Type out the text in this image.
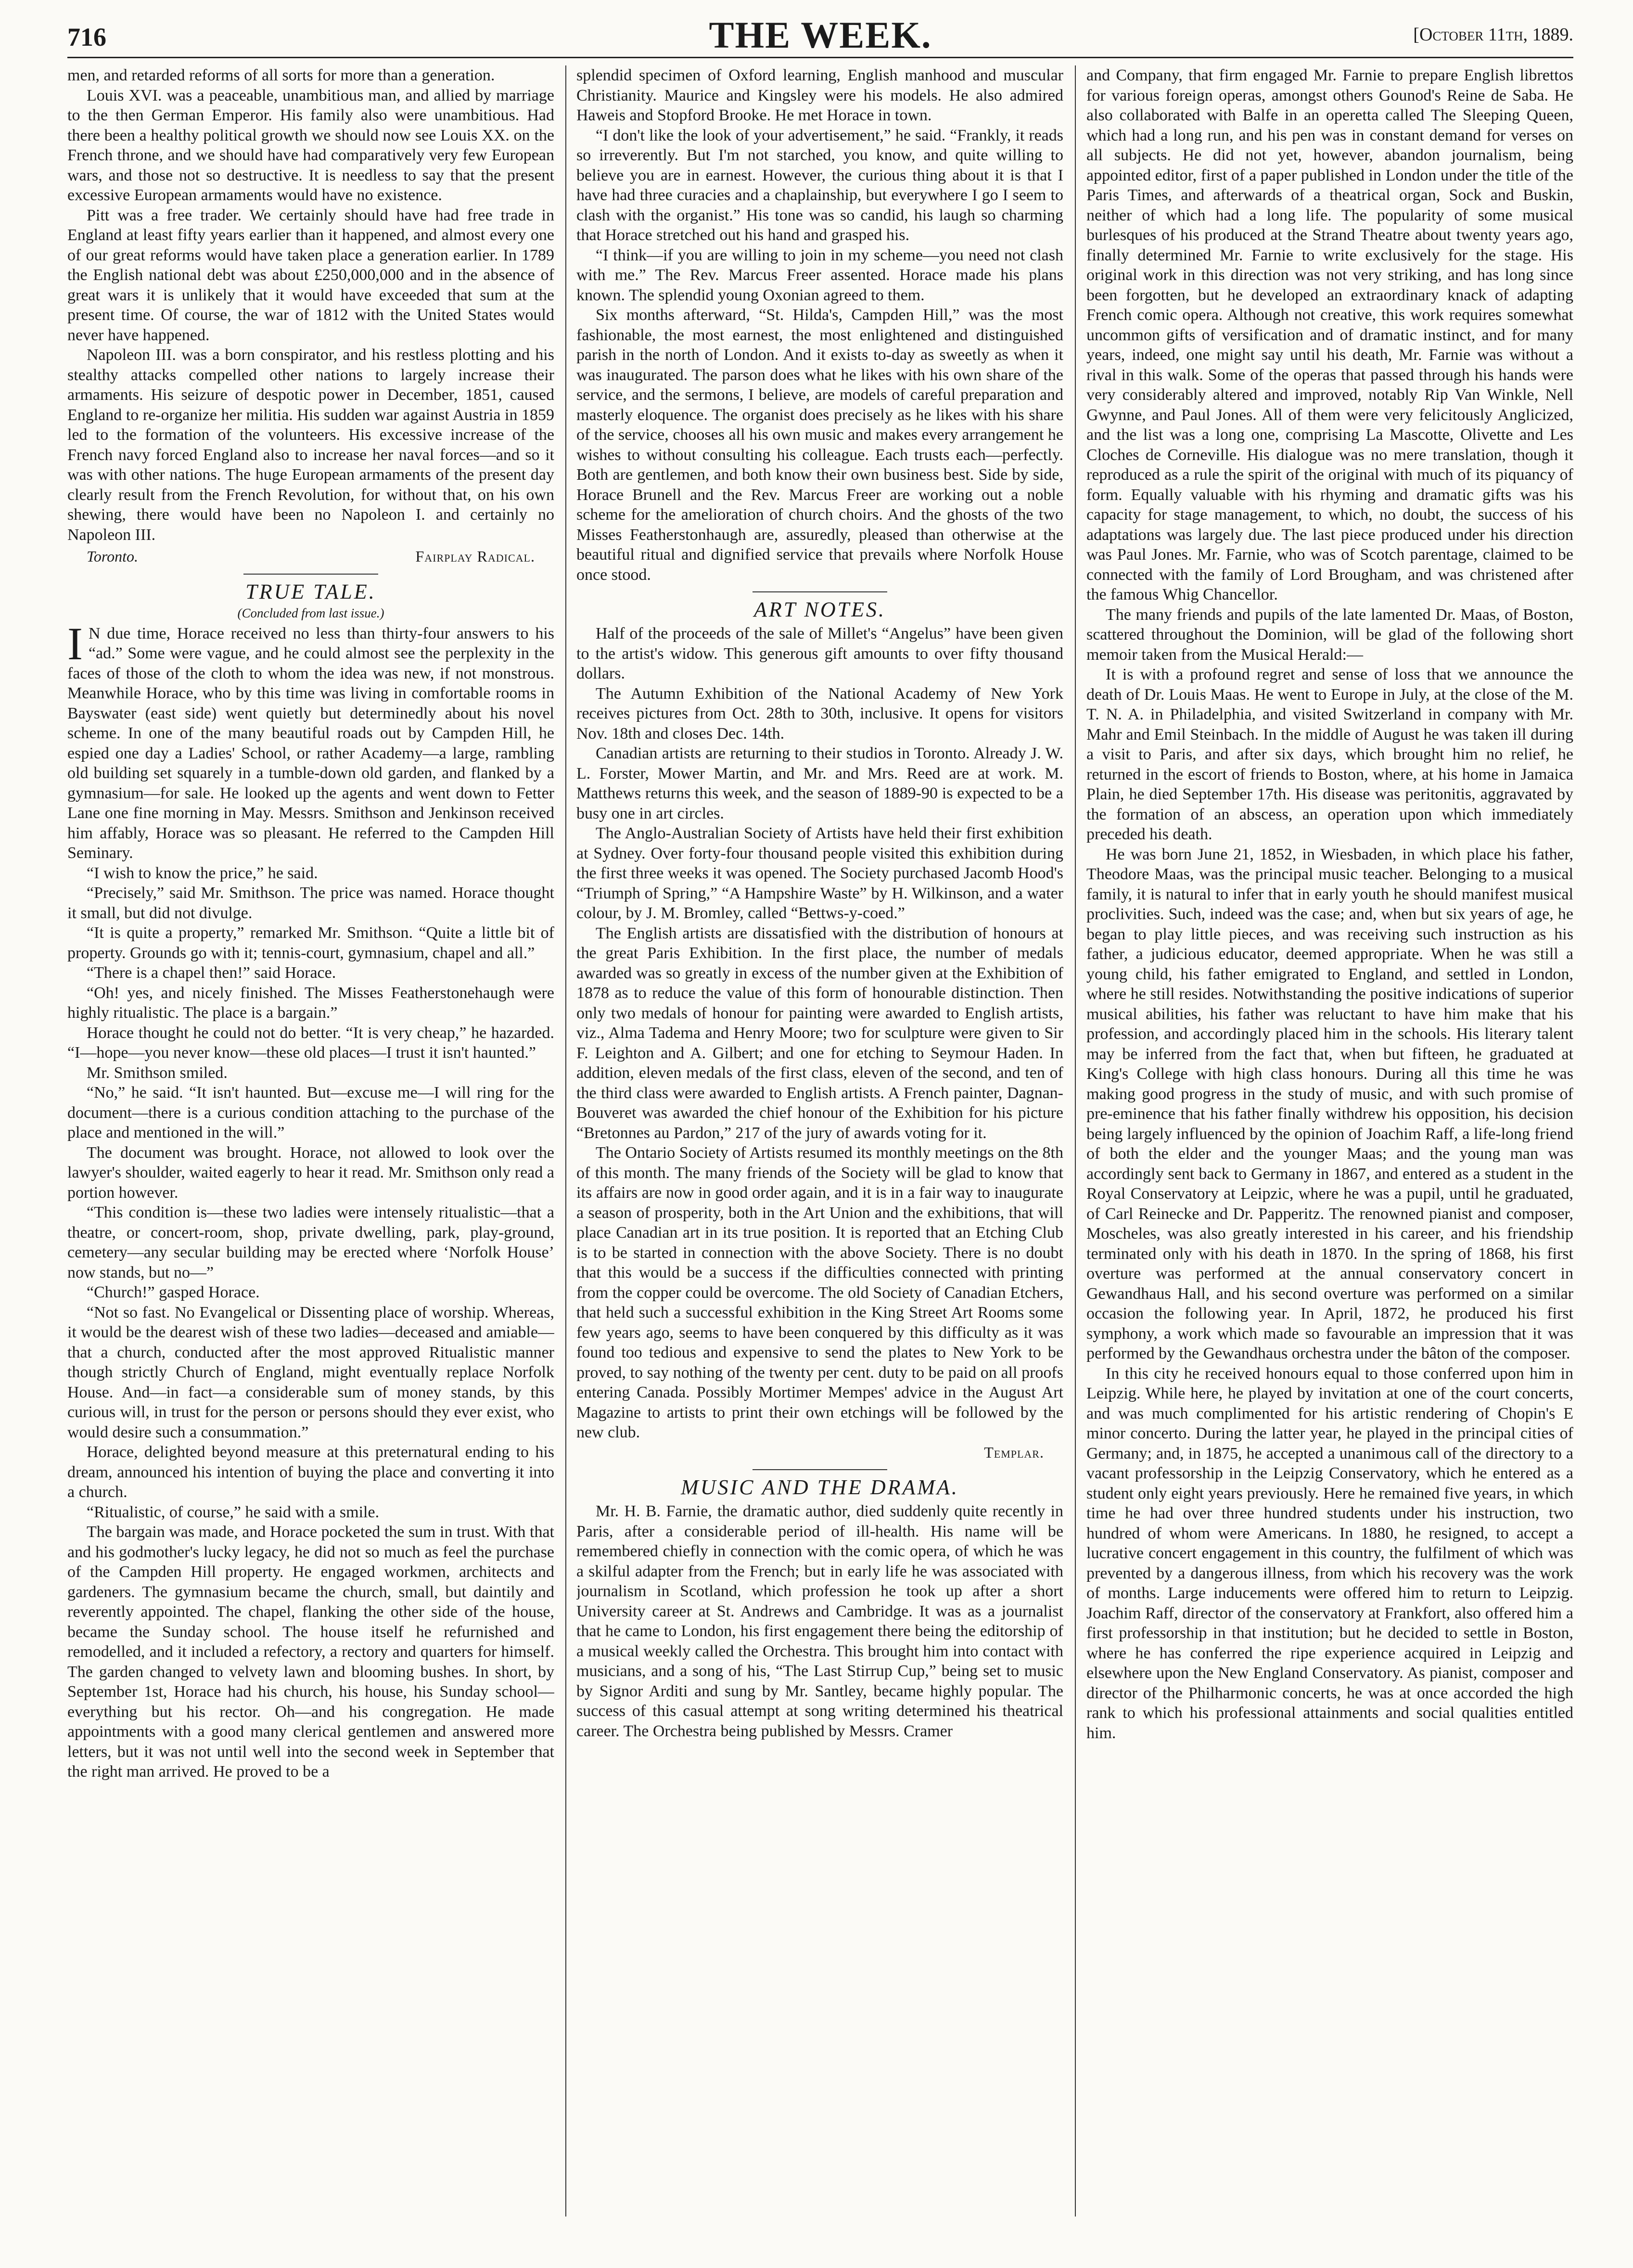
716	THE WEEK.	[October 11th, 1889.

men, and retarded reforms of all sorts for more than a generation.

Louis XVI. was a peaceable, unambitious man, and allied by marriage to the then German Emperor. His family also were unambitious. Had there been a healthy political growth we should now see Louis XX. on the French throne, and we should have had comparatively very few European wars, and those not so destructive. It is needless to say that the present excessive European armaments would have no existence.

Pitt was a free trader. We certainly should have had free trade in England at least fifty years earlier than it happened, and almost every one of our great reforms would have taken place a generation earlier. In 1789 the English national debt was about £250,000,000 and in the absence of great wars it is unlikely that it would have exceeded that sum at the present time. Of course, the war of 1812 with the United States would never have happened.

Napoleon III. was a born conspirator, and his restless plotting and his stealthy attacks compelled other nations to largely increase their armaments. His seizure of despotic power in December, 1851, caused England to re-organize her militia. His sudden war against Austria in 1859 led to the formation of the volunteers. His excessive increase of the French navy forced England also to increase her naval forces—and so it was with other nations. The huge European armaments of the present day clearly result from the French Revolution, for without that, on his own shewing, there would have been no Napoleon I. and certainly no Napoleon III.

Toronto.	Fairplay Radical.
TRUE TALE.
(Concluded from last issue.)

I N due time, Horace received no less than thirty-four answers to his “ad.” Some were vague, and he could almost see the perplexity in the faces of those of the cloth to whom the idea was new, if not monstrous. Meanwhile Horace, who by this time was living in comfortable rooms in Bayswater (east side) went quietly but determinedly about his novel scheme. In one of the many beautiful roads out by Campden Hill, he espied one day a Ladies' School, or rather Academy—a large, rambling old building set squarely in a tumble-down old garden, and flanked by a gymnasium—for sale. He looked up the agents and went down to Fetter Lane one fine morning in May. Messrs. Smithson and Jenkinson received him affably, Horace was so pleasant. He referred to the Campden Hill Seminary.

“I wish to know the price,” he said.

“Precisely,” said Mr. Smithson. The price was named. Horace thought it small, but did not divulge.

“It is quite a property,” remarked Mr. Smithson. “Quite a little bit of property. Grounds go with it; tennis-court, gymnasium, chapel and all.”

“There is a chapel then!” said Horace.

“Oh! yes, and nicely finished. The Misses Featherstonehaugh were highly ritualistic. The place is a bargain.”

Horace thought he could not do better. “It is very cheap,” he hazarded. “I—hope—you never know—these old places—I trust it isn't haunted.”

Mr. Smithson smiled.

“No,” he said. “It isn't haunted. But—excuse me—I will ring for the document—there is a curious condition attaching to the purchase of the place and mentioned in the will.”

The document was brought. Horace, not allowed to look over the lawyer's shoulder, waited eagerly to hear it read. Mr. Smithson only read a portion however.

“This condition is—these two ladies were intensely ritualistic—that a theatre, or concert-room, shop, private dwelling, park, play-ground, cemetery—any secular building may be erected where ‘Norfolk House’ now stands, but no—”

“Church!” gasped Horace.

“Not so fast. No Evangelical or Dissenting place of worship. Whereas, it would be the dearest wish of these two ladies—deceased and amiable—that a church, conducted after the most approved Ritualistic manner though strictly Church of England, might eventually replace Norfolk House. And—in fact—a considerable sum of money stands, by this curious will, in trust for the person or persons should they ever exist, who would desire such a consummation.”

Horace, delighted beyond measure at this preternatural ending to his dream, announced his intention of buying the place and converting it into a church.

“Ritualistic, of course,” he said with a smile.

The bargain was made, and Horace pocketed the sum in trust. With that and his godmother's lucky legacy, he did not so much as feel the purchase of the Campden Hill property. He engaged workmen, architects and gardeners. The gymnasium became the church, small, but daintily and reverently appointed. The chapel, flanking the other side of the house, became the Sunday school. The house itself he refurnished and remodelled, and it included a refectory, a rectory and quarters for himself. The garden changed to velvety lawn and blooming bushes. In short, by September 1st, Horace had his church, his house, his Sunday school—everything but his rector. Oh—and his congregation. He made appointments with a good many clerical gentlemen and answered more letters, but it was not until well into the second week in September that the right man arrived. He proved to be a

splendid specimen of Oxford learning, English manhood and muscular Christianity. Maurice and Kingsley were his models. He also admired Haweis and Stopford Brooke. He met Horace in town.

“I don't like the look of your advertisement,” he said. “Frankly, it reads so irreverently. But I'm not starched, you know, and quite willing to believe you are in earnest. However, the curious thing about it is that I have had three curacies and a chaplainship, but everywhere I go I seem to clash with the organist.” His tone was so candid, his laugh so charming that Horace stretched out his hand and grasped his.

“I think—if you are willing to join in my scheme—you need not clash with me.” The Rev. Marcus Freer assented. Horace made his plans known. The splendid young Oxonian agreed to them.

Six months afterward, “St. Hilda's, Campden Hill,” was the most fashionable, the most earnest, the most enlightened and distinguished parish in the north of London. And it exists to-day as sweetly as when it was inaugurated. The parson does what he likes with his own share of the service, and the sermons, I believe, are models of careful preparation and masterly eloquence. The organist does precisely as he likes with his share of the service, chooses all his own music and makes every arrangement he wishes to without consulting his colleague. Each trusts each—perfectly. Both are gentlemen, and both know their own business best. Side by side, Horace Brunell and the Rev. Marcus Freer are working out a noble scheme for the amelioration of church choirs. And the ghosts of the two Misses Featherstonhaugh are, assuredly, pleased than otherwise at the beautiful ritual and dignified service that prevails where Norfolk House once stood.

ART NOTES.

Half of the proceeds of the sale of Millet's “Angelus” have been given to the artist's widow. This generous gift amounts to over fifty thousand dollars.

The Autumn Exhibition of the National Academy of New York receives pictures from Oct. 28th to 30th, inclusive. It opens for visitors Nov. 18th and closes Dec. 14th.

Canadian artists are returning to their studios in Toronto. Already J. W. L. Forster, Mower Martin, and Mr. and Mrs. Reed are at work. M. Matthews returns this week, and the season of 1889-90 is expected to be a busy one in art circles.

The Anglo-Australian Society of Artists have held their first exhibition at Sydney. Over forty-four thousand people visited this exhibition during the first three weeks it was opened. The Society purchased Jacomb Hood's “Triumph of Spring,” “A Hampshire Waste” by H. Wilkinson, and a water colour, by J. M. Bromley, called “Bettws-y-coed.”

The English artists are dissatisfied with the distribution of honours at the great Paris Exhibition. In the first place, the number of medals awarded was so greatly in excess of the number given at the Exhibition of 1878 as to reduce the value of this form of honourable distinction. Then only two medals of honour for painting were awarded to English artists, viz., Alma Tadema and Henry Moore; two for sculpture were given to Sir F. Leighton and A. Gilbert; and one for etching to Seymour Haden. In addition, eleven medals of the first class, eleven of the second, and ten of the third class were awarded to English artists. A French painter, Dagnan-Bouveret was awarded the chief honour of the Exhibition for his picture “Bretonnes au Pardon,” 217 of the jury of awards voting for it.

The Ontario Society of Artists resumed its monthly meetings on the 8th of this month. The many friends of the Society will be glad to know that its affairs are now in good order again, and it is in a fair way to inaugurate a season of prosperity, both in the Art Union and the exhibitions, that will place Canadian art in its true position. It is reported that an Etching Club is to be started in connection with the above Society. There is no doubt that this would be a success if the difficulties connected with printing from the copper could be overcome. The old Society of Canadian Etchers, that held such a successful exhibition in the King Street Art Rooms some few years ago, seems to have been conquered by this difficulty as it was found too tedious and expensive to send the plates to New York to be proved, to say nothing of the twenty per cent. duty to be paid on all proofs entering Canada. Possibly Mortimer Mempes' advice in the August Art Magazine to artists to print their own etchings will be followed by the new club.

Templar.
MUSIC AND THE DRAMA.

Mr. H. B. Farnie, the dramatic author, died suddenly quite recently in Paris, after a considerable period of ill-health. His name will be remembered chiefly in connection with the comic opera, of which he was a skilful adapter from the French; but in early life he was associated with journalism in Scotland, which profession he took up after a short University career at St. Andrews and Cambridge. It was as a journalist that he came to London, his first engagement there being the editorship of a musical weekly called the Orchestra. This brought him into contact with musicians, and a song of his, “The Last Stirrup Cup,” being set to music by Signor Arditi and sung by Mr. Santley, became highly popular. The success of this casual attempt at song writing determined his theatrical career. The Orchestra being published by Messrs. Cramer

and Company, that firm engaged Mr. Farnie to prepare English librettos for various foreign operas, amongst others Gounod's Reine de Saba. He also collaborated with Balfe in an operetta called The Sleeping Queen, which had a long run, and his pen was in constant demand for verses on all subjects. He did not yet, however, abandon journalism, being appointed editor, first of a paper published in London under the title of the Paris Times, and afterwards of a theatrical organ, Sock and Buskin, neither of which had a long life. The popularity of some musical burlesques of his produced at the Strand Theatre about twenty years ago, finally determined Mr. Farnie to write exclusively for the stage. His original work in this direction was not very striking, and has long since been forgotten, but he developed an extraordinary knack of adapting French comic opera. Although not creative, this work requires somewhat uncommon gifts of versification and of dramatic instinct, and for many years, indeed, one might say until his death, Mr. Farnie was without a rival in this walk. Some of the operas that passed through his hands were very considerably altered and improved, notably Rip Van Winkle, Nell Gwynne, and Paul Jones. All of them were very felicitously Anglicized, and the list was a long one, comprising La Mascotte, Olivette and Les Cloches de Corneville. His dialogue was no mere translation, though it reproduced as a rule the spirit of the original with much of its piquancy of form. Equally valuable with his rhyming and dramatic gifts was his capacity for stage management, to which, no doubt, the success of his adaptations was largely due. The last piece produced under his direction was Paul Jones. Mr. Farnie, who was of Scotch parentage, claimed to be connected with the family of Lord Brougham, and was christened after the famous Whig Chancellor.

The many friends and pupils of the late lamented Dr. Maas, of Boston, scattered throughout the Dominion, will be glad of the following short memoir taken from the Musical Herald:—

It is with a profound regret and sense of loss that we announce the death of Dr. Louis Maas. He went to Europe in July, at the close of the M. T. N. A. in Philadelphia, and visited Switzerland in company with Mr. Mahr and Emil Steinbach. In the middle of August he was taken ill during a visit to Paris, and after six days, which brought him no relief, he returned in the escort of friends to Boston, where, at his home in Jamaica Plain, he died September 17th. His disease was peritonitis, aggravated by the formation of an abscess, an operation upon which immediately preceded his death.

He was born June 21, 1852, in Wiesbaden, in which place his father, Theodore Maas, was the principal music teacher. Belonging to a musical family, it is natural to infer that in early youth he should manifest musical proclivities. Such, indeed was the case; and, when but six years of age, he began to play little pieces, and was receiving such instruction as his father, a judicious educator, deemed appropriate. When he was still a young child, his father emigrated to England, and settled in London, where he still resides. Notwithstanding the positive indications of superior musical abilities, his father was reluctant to have him make that his profession, and accordingly placed him in the schools. His literary talent may be inferred from the fact that, when but fifteen, he graduated at King's College with high class honours. During all this time he was making good progress in the study of music, and with such promise of pre-eminence that his father finally withdrew his opposition, his decision being largely influenced by the opinion of Joachim Raff, a life-long friend of both the elder and the younger Maas; and the young man was accordingly sent back to Germany in 1867, and entered as a student in the Royal Conservatory at Leipzic, where he was a pupil, until he graduated, of Carl Reinecke and Dr. Papperitz. The renowned pianist and composer, Moscheles, was also greatly interested in his career, and his friendship terminated only with his death in 1870. In the spring of 1868, his first overture was performed at the annual conservatory concert in Gewandhaus Hall, and his second overture was performed on a similar occasion the following year. In April, 1872, he produced his first symphony, a work which made so favourable an impression that it was performed by the Gewandhaus orchestra under the bâton of the composer.

In this city he received honours equal to those conferred upon him in Leipzig. While here, he played by invitation at one of the court concerts, and was much complimented for his artistic rendering of Chopin's E minor concerto. During the latter year, he played in the principal cities of Germany; and, in 1875, he accepted a unanimous call of the directory to a vacant professorship in the Leipzig Conservatory, which he entered as a student only eight years previously. Here he remained five years, in which time he had over three hundred students under his instruction, two hundred of whom were Americans. In 1880, he resigned, to accept a lucrative concert engagement in this country, the fulfilment of which was prevented by a dangerous illness, from which his recovery was the work of months. Large inducements were offered him to return to Leipzig. Joachim Raff, director of the conservatory at Frankfort, also offered him a first professorship in that institution; but he decided to settle in Boston, where he has conferred the ripe experience acquired in Leipzig and elsewhere upon the New England Conservatory. As pianist, composer and director of the Philharmonic concerts, he was at once accorded the high rank to which his professional attainments and social qualities entitled him.
